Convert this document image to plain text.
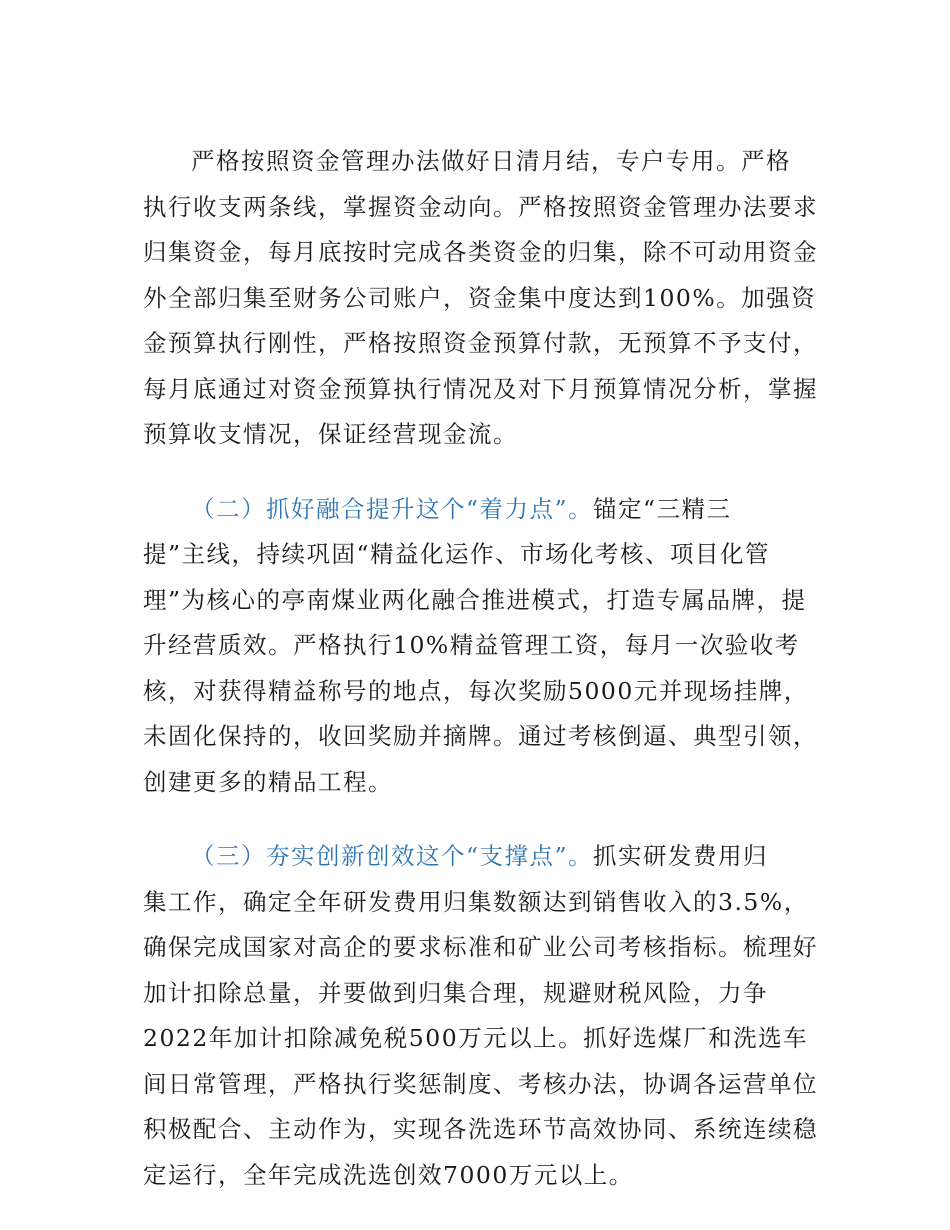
严格按照资金管理办法做好日清月结，专户专用。严格
执行收支两条线，掌握资金动向。严格按照资金管理办法要求
归集资金，每月底按时完成各类资金的归集，除不可动用资金
外全部归集至财务公司账户，资金集中度达到100%。加强资
金预算执行刚性，严格按照资金预算付款，无预算不予支付，
每月底通过对资金预算执行情况及对下月预算情况分析，掌握
预算收支情况，保证经营现金流。

（二）抓好融合提升这个“着力点”。锚定“三精三
提”主线，持续巩固“精益化运作、市场化考核、项目化管
理”为核心的亭南煤业两化融合推进模式，打造专属品牌，提
升经营质效。严格执行10%精益管理工资，每月一次验收考
核，对获得精益称号的地点，每次奖励5000元并现场挂牌，
未固化保持的，收回奖励并摘牌。通过考核倒逼、典型引领，
创建更多的精品工程。

（三）夯实创新创效这个“支撑点”。抓实研发费用归
集工作，确定全年研发费用归集数额达到销售收入的3.5%，
确保完成国家对高企的要求标准和矿业公司考核指标。梳理好
加计扣除总量，并要做到归集合理，规避财税风险，力争
2022年加计扣除减免税500万元以上。抓好选煤厂和洗选车
间日常管理，严格执行奖惩制度、考核办法，协调各运营单位
积极配合、主动作为，实现各洗选环节高效协同、系统连续稳
定运行，全年完成洗选创效7000万元以上。
